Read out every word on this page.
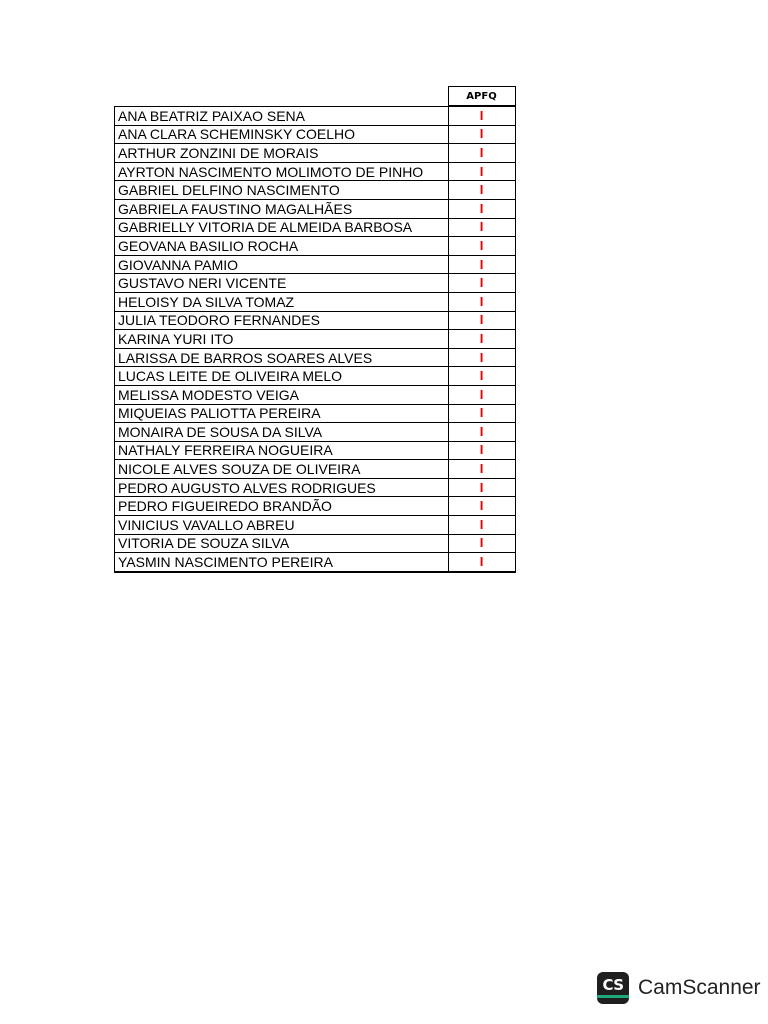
	APFQ
ANA BEATRIZ PAIXAO SENA	I
ANA CLARA SCHEMINSKY COELHO	I
ARTHUR ZONZINI DE MORAIS	I
AYRTON NASCIMENTO MOLIMOTO DE PINHO	I
GABRIEL DELFINO NASCIMENTO	I
GABRIELA FAUSTINO MAGALHÃES	I
GABRIELLY VITORIA DE ALMEIDA BARBOSA	I
GEOVANA BASILIO ROCHA	I
GIOVANNA PAMIO	I
GUSTAVO NERI VICENTE	I
HELOISY DA SILVA TOMAZ	I
JULIA TEODORO FERNANDES	I
KARINA YURI ITO	I
LARISSA DE BARROS SOARES ALVES	I
LUCAS LEITE DE OLIVEIRA MELO	I
MELISSA MODESTO VEIGA	I
MIQUEIAS PALIOTTA PEREIRA	I
MONAIRA DE SOUSA DA SILVA	I
NATHALY FERREIRA NOGUEIRA	I
NICOLE ALVES SOUZA DE OLIVEIRA	I
PEDRO AUGUSTO ALVES RODRIGUES	I
PEDRO FIGUEIREDO BRANDÃO	I
VINICIUS VAVALLO ABREU	I
VITORIA DE SOUZA SILVA	I
YASMIN NASCIMENTO PEREIRA	I
CS CamScanner
